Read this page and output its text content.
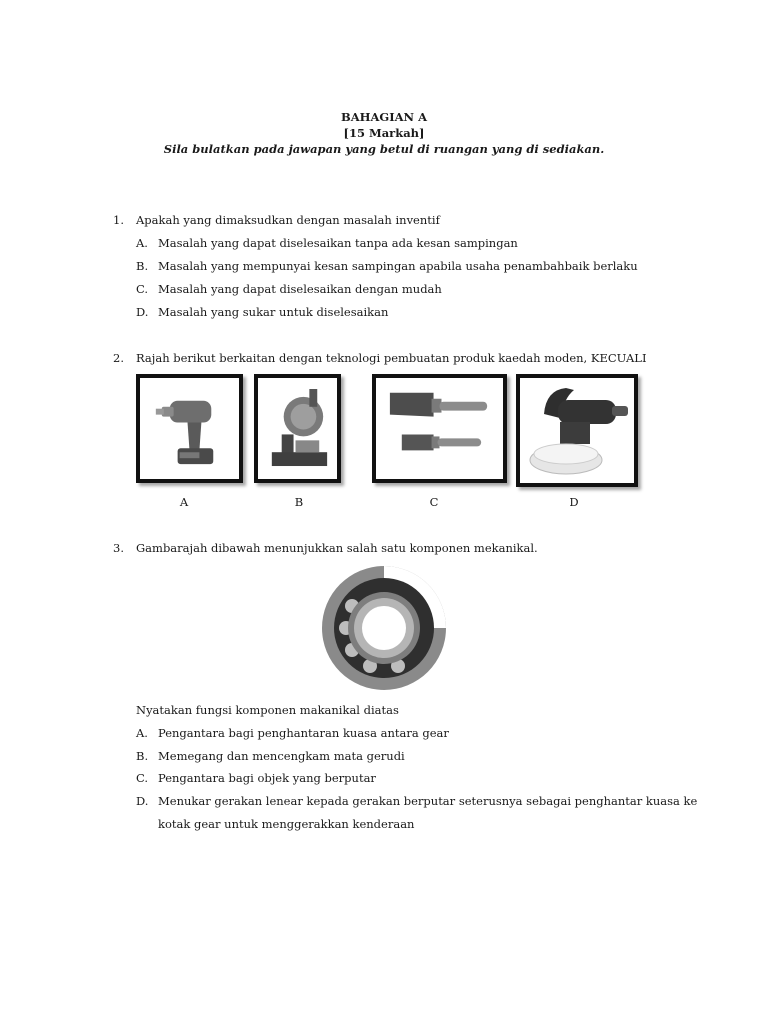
BAHAGIAN A
[15 Markah]
Sila bulatkan pada jawapan yang betul di ruangan yang di sediakan.
1. Apakah yang dimaksudkan dengan masalah inventif
A. Masalah yang dapat diselesaikan tanpa ada kesan sampingan
B. Masalah yang mempunyai kesan sampingan apabila usaha penambahbaik berlaku
C. Masalah yang dapat diselesaikan dengan mudah
D. Masalah yang sukar untuk diselesaikan
2. Rajah berikut berkaitan dengan teknologi pembuatan produk kaedah moden, KECUALI
A	B	C	D
3. Gambarajah dibawah menunjukkan salah satu komponen mekanikal.
Nyatakan fungsi komponen makanikal diatas
A. Pengantara bagi penghantaran kuasa antara gear
B. Memegang dan mencengkam mata gerudi
C. Pengantara bagi objek yang berputar
D. Menukar gerakan lenear kepada gerakan berputar seterusnya sebagai penghantar kuasa ke
kotak gear untuk menggerakkan kenderaan
